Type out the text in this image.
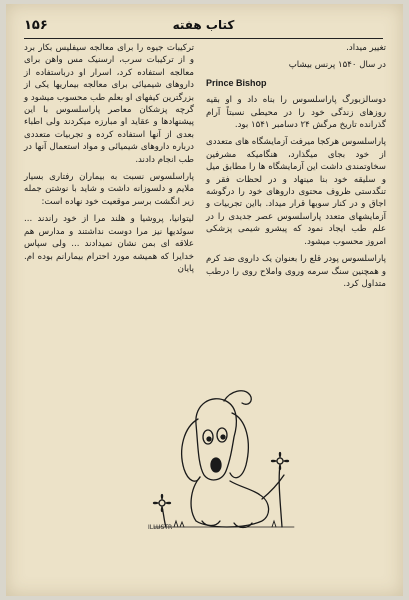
۱۵۶	کتاب هفته

تغییر میداد.

در سال ۱۵۴۰ پرنس بیشاپ

Prince Bishop

دوسالزبورگ پاراسلسوس را بناه داد و او بقیه روزهای زندگی خود را در محیطی نسبتاً آرام گذرانده تاریخ مرگش ۲۴ دسامبر ۱۵۴۱ بود.

پاراسلسوس هرکجا میرفت آزمایشگاه های متعددی از خود بجای میگذارد، هنگامیکه مشرفین سخاوتمندی داشت این آزمایشگاه ها را مطابق میل و سلیقه خود بنا مینهاد و در لحظات فقر و تنگدستی ظروف محتوی داروهای خود را درگوشه اجاق و در کنار سوبها قرار میداد. بااین تجربیات و آزمایشهای متعدد پاراسلسوس عصر جدیدی را در علم طب ایجاد نمود که پیشرو شیمی پزشکی امروز محسوب میشود.

پاراسلسوس پودر قلع را بعنوان یک داروی ضد کرم و همچنین سنگ سرمه وروی واملاح روی را درطب متداول کرد.

ترکیبات جیوه را برای معالجه سیفلیس بکار برد و از ترکیبات سرب، ارسنیک مس واهن برای معالجه استفاده کرد، اسرار او درباستفاده از داروهای شیمیائی برای معالجه بیماریها یکی از بزرگترین کیفهای او بعلم طب محسوب میشود و گرچه پزشکان معاصر پاراسلسوس با این پیشنهادها و عقاید او مبارزه میکردند ولی اطباء بعدی از آنها استفاده کرده و تجربیات متعددی درباره داروهای شیمیائی و مواد استعمال آنها در طب انجام دادند.

پاراسلسوس نسبت به بیماران رفتاری بسیار ملایم و دلسوزانه داشت و شاید با نوشتن جمله زیر انگشت برسر موقعیت خود نهاده است:

لیتوانیا، پروشیا و هلند مرا از خود راندند ... سوئدیها نیز مرا دوست نداشتند و مدارس هم علاقه ای بمن نشان نمیدادند ... ولی سپاس خدایرا که همیشه مورد احترام بیمارانم بوده ام. پایان

ILLUSTR
